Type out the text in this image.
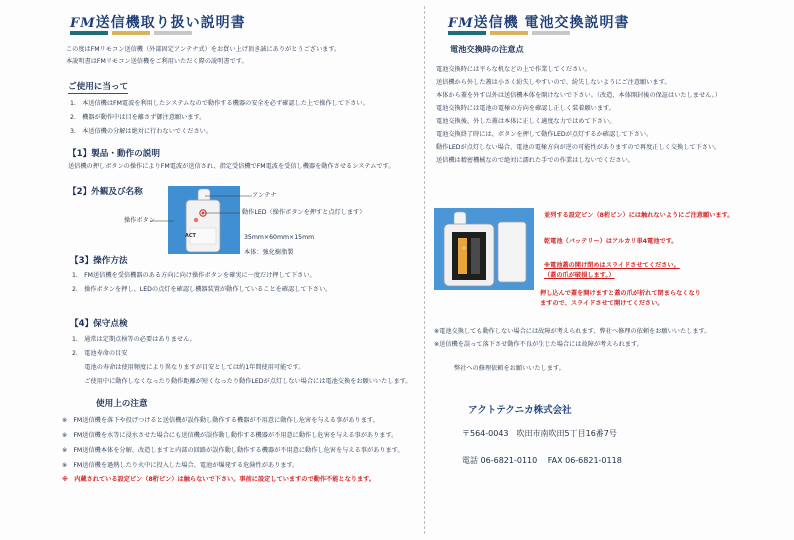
FM送信機取り扱い説明書
この度はFMリモコン送信機（外部固定アンテナ式）をお買い上げ頂き誠にありがとうございます。
本説明書はFMリモコン送信機をご利用いただく際の説明書です。
ご使用に当って
1.　本送信機はFM電波を利用したシステムなので動作する機器の安全を必ず確認した上で操作して下さい。
2.　機器が動作中は目を離さず御注意願います。
3.　本送信機の分解は絶対に行わないでください。
【1】製品・動作の説明
送信機の押しボタンの操作によりFM電波が送信され、指定受信機でFM電波を受信し機器を動作させるシステムです。
【2】外観及び名称
ACT
アンテナ
動作LED（操作ボタンを押すと点灯します）
操作ボタン
35mm×60mm×15mm
本体：強化樹脂製
【3】操作方法
1.　FM送信機を受信機器のある方向に向け操作ボタンを確実に一度だけ押して下さい。
2.　操作ボタンを押し、LEDの点灯を確認し機器装置が動作していることを確認して下さい。
【4】保守点検
1.　通常は定期点検等の必要はありません。
2.　電池寿命の目安
　　電池の寿命は使用頻度により異なりますが目安としては約1年間使用可能です。
　　ご使用中に動作しなくなったり動作距離が短くなったり動作LEDが点灯しない場合には電池交換をお願いいたします。
使用上の注意
※　FM送信機を落下や投げつけると送信機が誤作動し動作する機器が不用意に動作し危害を与える事があります。
※　FM送信機を水等に浸水させた場合にも送信機が誤作動し動作する機器が不用意に動作し危害を与える事があります。
※　FM送信機本体を分解、改造しますと内部の回路が誤作動し動作する機器が不用意に動作し危害を与える事があります。
※　FM送信機を過熱したり火中に投入した場合、電池が爆発する危険性があります。
※　内蔵されている設定ピン（8桁ピン）は触らないで下さい。事前に設定していますので動作不能となります。
FM送信機 電池交換説明書
電池交換時の注意点
電池交換時には平らな机などの上で作業してください。
送信機から外した蓋は小さく紛失しやすいので、紛失しないようにご注意願います。
本体から蓋を外す以外は送信機本体を開けないで下さい。（改造、本体開封後の保証はいたしません。）
電池交換時には電池の電極の方向を確認し正しく装着願います。
電池交換後、外した蓋は本体に正しく適度な力ではめて下さい。
電池交換終了時には、ボタンを押して動作LEDが点灯するか確認して下さい。
動作LEDが点灯しない場合、電池の電極方向が逆の可能性がありますので再度正しく交換して下さい。
送信機は精密機械なので絶対に濡れた手での作業はしないでください。
並列する設定ピン（8桁ピン）には触れないようにご注意願います。
乾電池（バッテリー）はアルカリ単4電池です。
※電池蓋の開け閉めはスライドさせてください。
（蓋の爪が破損します。）
押し込んで蓋を開けますと蓋の爪が折れて閉まらなくなり
ますので、スライドさせて開けてください。
※電池交換しても動作しない場合には故障が考えられます、弊社へ修理の依頼をお願いいたします。
※送信機を誤って落下させ動作不良が生じた場合には故障が考えられます。
弊社への修理依頼をお願いいたします。
アクトテクニカ株式会社
〒564-0043　吹田市南吹田5丁目16番7号
電話 06-6821-0110　 FAX 06-6821-0118
